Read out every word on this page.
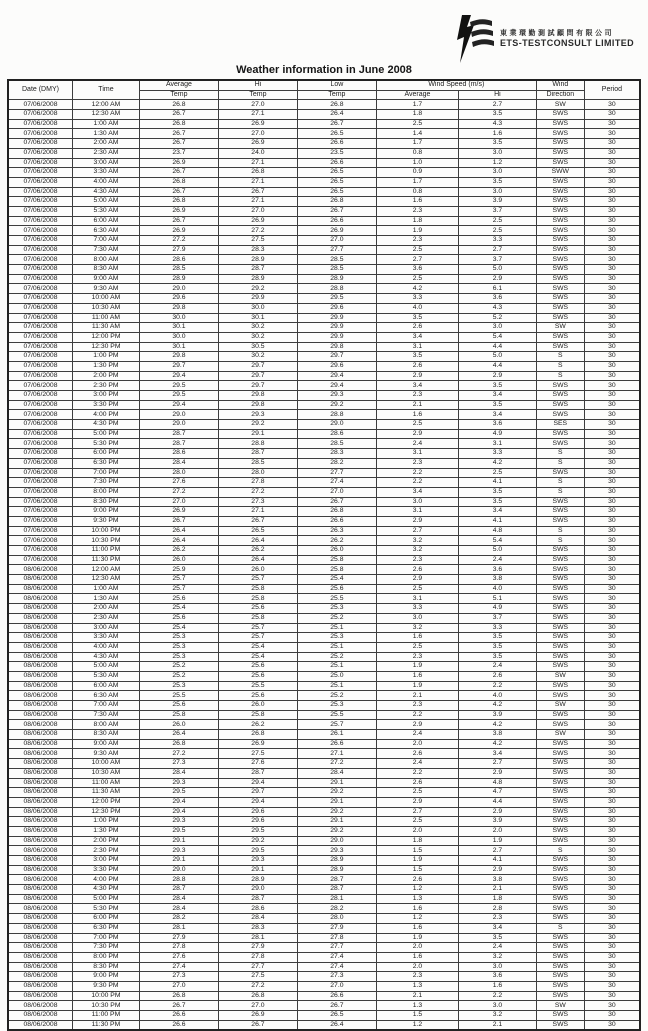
東業環勤測試顧問有限公司
ETS-TESTCONSULT LIMITED
Weather information in June 2008
Date (DMY)	Time	Average	Hi	Low	Wind Speed (m/s)		Wind	Period
		Temp	Temp	Temp	Average	Hi	Direction	
07/06/2008	12:00 AM	26.8	27.0	26.8	1.7	2.7	SW	30
07/06/2008	12:30 AM	26.7	27.1	26.4	1.8	3.5	SWS	30
07/06/2008	1:00 AM	26.8	26.9	26.7	2.5	4.3	SWS	30
07/06/2008	1:30 AM	26.7	27.0	26.5	1.4	1.6	SWS	30
07/06/2008	2:00 AM	26.7	26.9	26.6	1.7	3.5	SWS	30
07/06/2008	2:30 AM	23.7	24.0	23.5	0.8	3.0	SWS	30
07/06/2008	3:00 AM	26.9	27.1	26.6	1.0	1.2	SWS	30
07/06/2008	3:30 AM	26.7	26.8	26.5	0.9	3.0	SWW	30
07/06/2008	4:00 AM	26.8	27.1	26.5	1.7	3.5	SWS	30
07/06/2008	4:30 AM	26.7	26.7	26.5	0.8	3.0	SWS	30
07/06/2008	5:00 AM	26.8	27.1	26.8	1.6	3.9	SWS	30
07/06/2008	5:30 AM	26.9	27.0	26.7	2.3	3.7	SWS	30
07/06/2008	6:00 AM	26.7	26.9	26.6	1.8	2.5	SWS	30
07/06/2008	6:30 AM	26.9	27.2	26.9	1.9	2.5	SWS	30
07/06/2008	7:00 AM	27.2	27.5	27.0	2.3	3.3	SWS	30
07/06/2008	7:30 AM	27.9	28.3	27.7	2.5	2.7	SWS	30
07/06/2008	8:00 AM	28.6	28.9	28.5	2.7	3.7	SWS	30
07/06/2008	8:30 AM	28.5	28.7	28.5	3.6	5.0	SWS	30
07/06/2008	9:00 AM	28.9	28.9	28.9	2.5	2.9	SWS	30
07/06/2008	9:30 AM	29.0	29.2	28.8	4.2	6.1	SWS	30
07/06/2008	10:00 AM	29.6	29.9	29.5	3.3	3.6	SWS	30
07/06/2008	10:30 AM	29.8	30.0	29.6	4.0	4.3	SWS	30
07/06/2008	11:00 AM	30.0	30.1	29.9	3.5	5.2	SWS	30
07/06/2008	11:30 AM	30.1	30.2	29.9	2.6	3.0	SW	30
07/06/2008	12:00 PM	30.0	30.2	29.9	3.4	5.4	SWS	30
07/06/2008	12:30 PM	30.1	30.5	29.8	3.1	4.4	SWS	30
07/06/2008	1:00 PM	29.8	30.2	29.7	3.5	5.0	S	30
07/06/2008	1:30 PM	29.7	29.7	29.6	2.6	4.4	S	30
07/06/2008	2:00 PM	29.4	29.7	29.4	2.9	2.9	S	30
07/06/2008	2:30 PM	29.5	29.7	29.4	3.4	3.5	SWS	30
07/06/2008	3:00 PM	29.5	29.8	29.3	2.3	3.4	SWS	30
07/06/2008	3:30 PM	29.4	29.8	29.2	2.1	3.5	SWS	30
07/06/2008	4:00 PM	29.0	29.3	28.8	1.6	3.4	SWS	30
07/06/2008	4:30 PM	29.0	29.2	29.0	2.5	3.6	SES	30
07/06/2008	5:00 PM	28.7	29.1	28.6	2.9	4.9	SWS	30
07/06/2008	5:30 PM	28.7	28.8	28.5	2.4	3.1	SWS	30
07/06/2008	6:00 PM	28.6	28.7	28.3	3.1	3.3	S	30
07/06/2008	6:30 PM	28.4	28.5	28.2	2.3	4.2	S	30
07/06/2008	7:00 PM	28.0	28.0	27.7	2.2	2.5	SWS	30
07/06/2008	7:30 PM	27.6	27.8	27.4	2.2	4.1	S	30
07/06/2008	8:00 PM	27.2	27.2	27.0	3.4	3.5	S	30
07/06/2008	8:30 PM	27.0	27.3	26.7	3.0	3.5	SWS	30
07/06/2008	9:00 PM	26.9	27.1	26.8	3.1	3.4	SWS	30
07/06/2008	9:30 PM	26.7	26.7	26.6	2.9	4.1	SWS	30
07/06/2008	10:00 PM	26.4	26.5	26.3	2.7	4.8	S	30
07/06/2008	10:30 PM	26.4	26.4	26.2	3.2	5.4	S	30
07/06/2008	11:00 PM	26.2	26.2	26.0	3.2	5.0	SWS	30
07/06/2008	11:30 PM	26.0	26.4	25.8	2.3	2.4	SWS	30
08/06/2008	12:00 AM	25.9	26.0	25.8	2.6	3.6	SWS	30
08/06/2008	12:30 AM	25.7	25.7	25.4	2.9	3.8	SWS	30
08/06/2008	1:00 AM	25.7	25.8	25.6	2.5	4.0	SWS	30
08/06/2008	1:30 AM	25.6	25.8	25.5	3.1	5.1	SWS	30
08/06/2008	2:00 AM	25.4	25.6	25.3	3.3	4.9	SWS	30
08/06/2008	2:30 AM	25.6	25.8	25.2	3.0	3.7	SWS	30
08/06/2008	3:00 AM	25.4	25.7	25.1	3.2	3.3	SWS	30
08/06/2008	3:30 AM	25.3	25.7	25.3	1.6	3.5	SWS	30
08/06/2008	4:00 AM	25.3	25.4	25.1	2.5	3.5	SWS	30
08/06/2008	4:30 AM	25.3	25.4	25.2	2.3	3.5	SWS	30
08/06/2008	5:00 AM	25.2	25.6	25.1	1.9	2.4	SWS	30
08/06/2008	5:30 AM	25.2	25.6	25.0	1.6	2.6	SW	30
08/06/2008	6:00 AM	25.3	25.5	25.1	1.9	2.2	SWS	30
08/06/2008	6:30 AM	25.5	25.6	25.2	2.1	4.0	SWS	30
08/06/2008	7:00 AM	25.6	26.0	25.3	2.3	4.2	SW	30
08/06/2008	7:30 AM	25.8	25.8	25.5	2.2	3.9	SWS	30
08/06/2008	8:00 AM	26.0	26.2	25.7	2.9	4.2	SWS	30
08/06/2008	8:30 AM	26.4	26.8	26.1	2.4	3.8	SW	30
08/06/2008	9:00 AM	26.8	26.9	26.6	2.0	4.2	SWS	30
08/06/2008	9:30 AM	27.2	27.5	27.1	2.6	3.4	SWS	30
08/06/2008	10:00 AM	27.3	27.6	27.2	2.4	2.7	SWS	30
08/06/2008	10:30 AM	28.4	28.7	28.4	2.2	2.9	SWS	30
08/06/2008	11:00 AM	29.3	29.4	29.1	2.6	4.8	SWS	30
08/06/2008	11:30 AM	29.5	29.7	29.2	2.5	4.7	SWS	30
08/06/2008	12:00 PM	29.4	29.4	29.1	2.9	4.4	SWS	30
08/06/2008	12:30 PM	29.4	29.6	29.2	2.7	2.9	SWS	30
08/06/2008	1:00 PM	29.3	29.6	29.1	2.5	3.9	SWS	30
08/06/2008	1:30 PM	29.5	29.5	29.2	2.0	2.0	SWS	30
08/06/2008	2:00 PM	29.1	29.2	29.0	1.8	1.9	SWS	30
08/06/2008	2:30 PM	29.3	29.5	29.3	1.5	2.7	S	30
08/06/2008	3:00 PM	29.1	29.3	28.9	1.9	4.1	SWS	30
08/06/2008	3:30 PM	29.0	29.1	28.9	1.5	2.9	SWS	30
08/06/2008	4:00 PM	28.8	28.9	28.7	2.6	3.8	SWS	30
08/06/2008	4:30 PM	28.7	29.0	28.7	1.2	2.1	SWS	30
08/06/2008	5:00 PM	28.4	28.7	28.1	1.3	1.8	SWS	30
08/06/2008	5:30 PM	28.4	28.6	28.2	1.6	2.8	SWS	30
08/06/2008	6:00 PM	28.2	28.4	28.0	1.2	2.3	SWS	30
08/06/2008	6:30 PM	28.1	28.3	27.9	1.6	3.4	S	30
08/06/2008	7:00 PM	27.9	28.1	27.8	1.9	3.5	SWS	30
08/06/2008	7:30 PM	27.8	27.9	27.7	2.0	2.4	SWS	30
08/06/2008	8:00 PM	27.6	27.8	27.4	1.6	3.2	SWS	30
08/06/2008	8:30 PM	27.4	27.7	27.4	2.0	3.0	SWS	30
08/06/2008	9:00 PM	27.3	27.5	27.3	2.3	3.6	SWS	30
08/06/2008	9:30 PM	27.0	27.2	27.0	1.3	1.6	SWS	30
08/06/2008	10:00 PM	26.8	26.8	26.6	2.1	2.2	SWS	30
08/06/2008	10:30 PM	26.7	27.0	26.7	1.3	3.0	SW	30
08/06/2008	11:00 PM	26.6	26.9	26.5	1.5	3.2	SWS	30
08/06/2008	11:30 PM	26.6	26.7	26.4	1.2	2.1	SWS	30
